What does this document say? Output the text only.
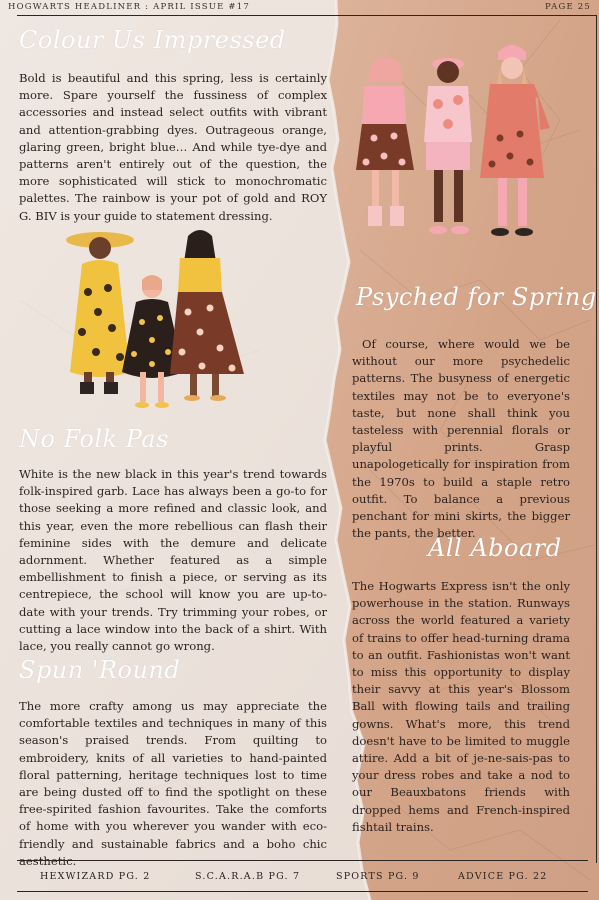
HOGWARTS HEADLINER : APRIL ISSUE #17	PAGE 25
Colour Us Impressed
Bold is beautiful and this spring, less is certainly more. Spare yourself the fussiness of complex accessories and instead select outfits with vibrant and attention-grabbing dyes. Outrageous orange, glaring green, bright blue… And while tye-dye and patterns aren't entirely out of the question, the more sophisticated will stick to monochromatic palettes. The rainbow is your pot of gold and ROY G. BIV is your guide to statement dressing.
No Folk Pas
White is the new black in this year's trend towards folk-inspired garb. Lace has always been a go-to for those seeking a more refined and classic look, and this year, even the more rebellious can flash their feminine sides with the demure and delicate adornment. Whether featured as a simple embellishment to finish a piece, or serving as its centrepiece, the school will know you are up-to-date with your trends. Try trimming your robes, or cutting a lace window into the back of a shirt. With lace, you really cannot go wrong.
Spun 'Round
The more crafty among us may appreciate the comfortable textiles and techniques in many of this season's praised trends. From quilting to embroidery, knits of all varieties to hand-painted floral patterning, heritage techniques lost to time are being dusted off to find the spotlight on these free-spirited fashion favourites. Take the comforts of home with you wherever you wander with eco-friendly and sustainable fabrics and a boho chic
Psyched for Spring
Of course, where would we be without our more psychedelic patterns. The busyness of energetic textiles may not be to everyone's taste, but none shall think you tasteless with perennial florals or playful prints. Grasp unapologetically for inspiration from the 1970s to build a staple retro outfit. To balance a previous penchant for mini skirts, the bigger the pants, the better.
All Aboard
The Hogwarts Express isn't the only powerhouse in the station. Runways across the world featured a variety of trains to offer head-turning drama to an outfit. Fashionistas won't want to miss this opportunity to display their savvy at this year's Blossom Ball with flowing tails and trailing gowns. What's more, this trend doesn't have to be limited to muggle attire. Add a bit of je-ne-sais-pas to your dress robes and take a nod to our Beauxbatons friends with dropped hems and French-inspired fishtail trains.
HEXWIZARD PG. 2	S.C.A.R.A.B PG. 7	SPORTS PG. 9	ADVICE PG. 22
